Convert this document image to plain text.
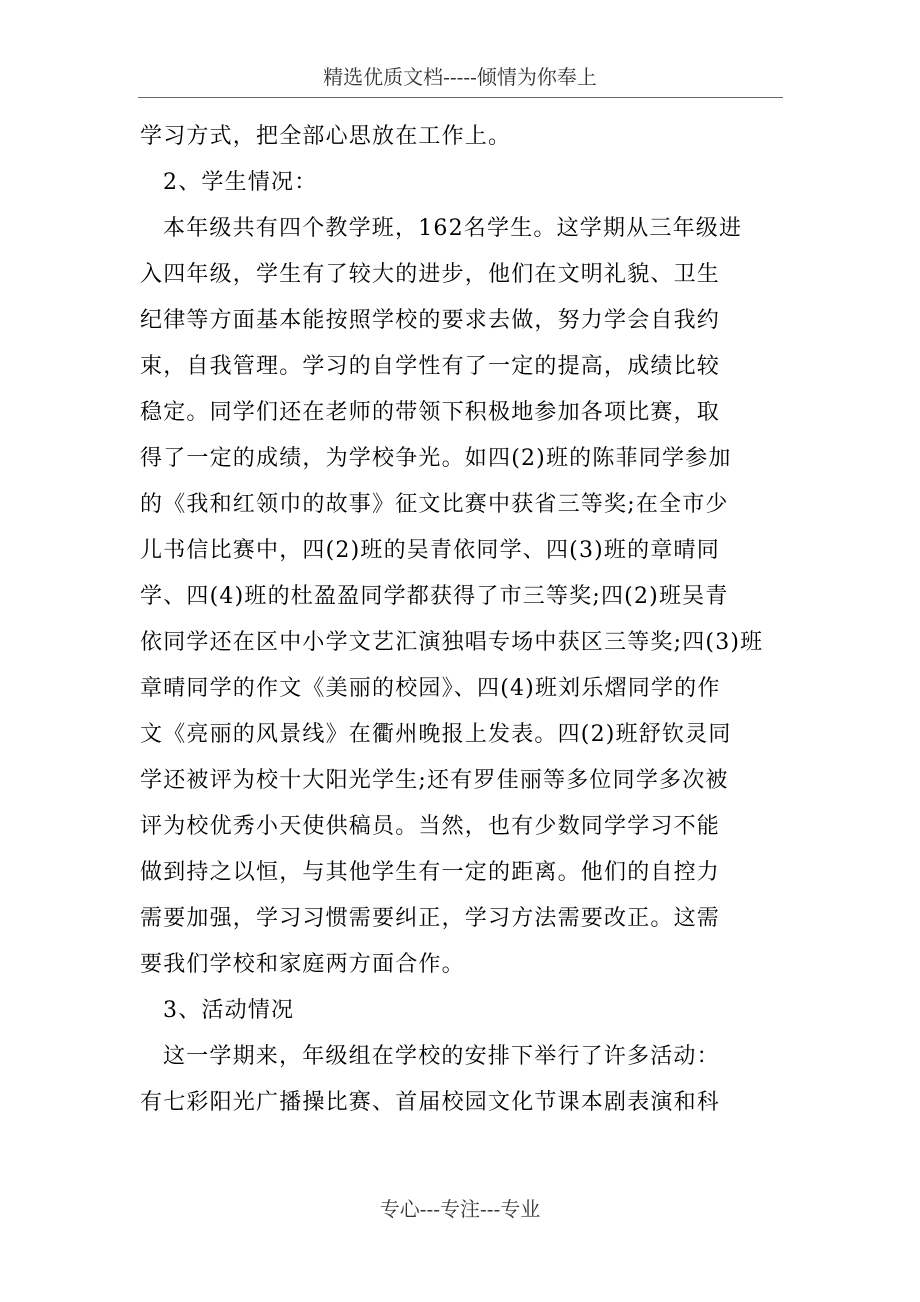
精选优质文档-----倾情为你奉上
学习方式，把全部心思放在工作上。
2、学生情况：
本年级共有四个教学班，162名学生。这学期从三年级进
入四年级，学生有了较大的进步，他们在文明礼貌、卫生
纪律等方面基本能按照学校的要求去做，努力学会自我约
束，自我管理。学习的自学性有了一定的提高，成绩比较
稳定。同学们还在老师的带领下积极地参加各项比赛，取
得了一定的成绩，为学校争光。如四(2)班的陈菲同学参加
的《我和红领巾的故事》征文比赛中获省三等奖;在全市少
儿书信比赛中，四(2)班的吴青依同学、四(3)班的章晴同
学、四(4)班的杜盈盈同学都获得了市三等奖;四(2)班吴青
依同学还在区中小学文艺汇演独唱专场中获区三等奖;四(3)班
章晴同学的作文《美丽的校园》、四(4)班刘乐熠同学的作
文《亮丽的风景线》在衢州晚报上发表。四(2)班舒钦灵同
学还被评为校十大阳光学生;还有罗佳丽等多位同学多次被
评为校优秀小天使供稿员。当然，也有少数同学学习不能
做到持之以恒，与其他学生有一定的距离。他们的自控力
需要加强，学习习惯需要纠正，学习方法需要改正。这需
要我们学校和家庭两方面合作。
3、活动情况
这一学期来，年级组在学校的安排下举行了许多活动：
有七彩阳光广播操比赛、首届校园文化节课本剧表演和科
专心---专注---专业
